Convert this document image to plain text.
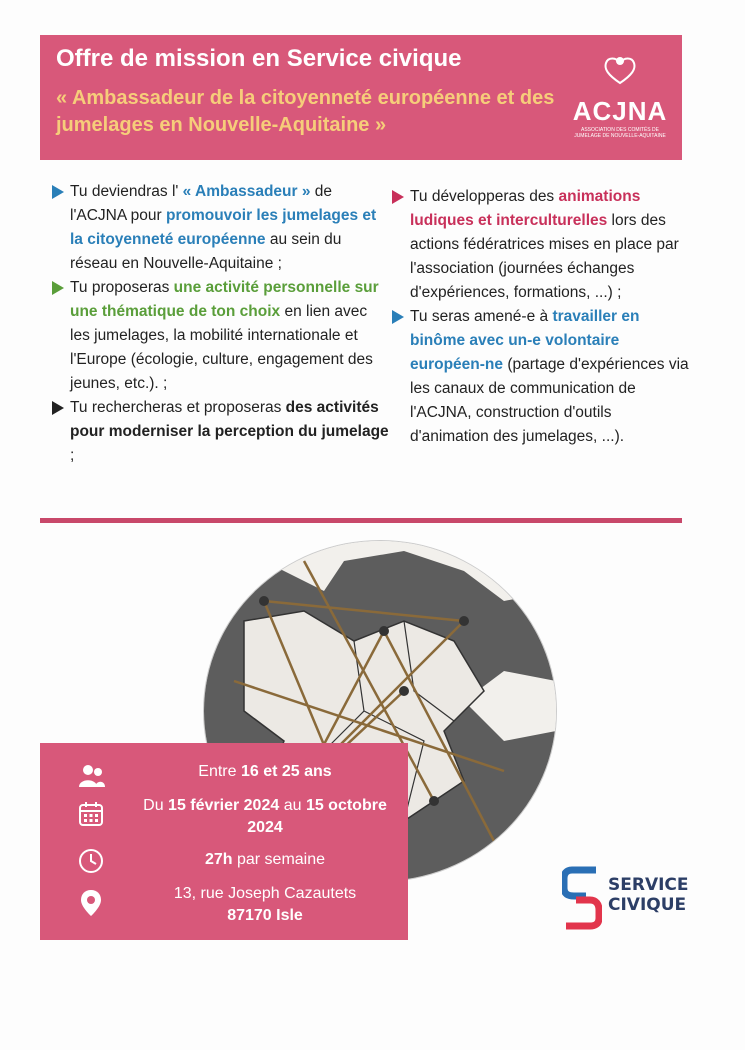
Offre de mission en Service civique
« Ambassadeur de la citoyenneté européenne et des jumelages en Nouvelle-Aquitaine »	ACJNA
ASSOCIATION DES COMITÉS DE JUMELAGE DE NOUVELLE-AQUITAINE
Tu deviendras l' « Ambassadeur » de l'ACJNA pour promouvoir les jumelages et la citoyenneté européenne au sein du réseau en Nouvelle-Aquitaine ;
Tu proposeras une activité personnelle sur une thématique de ton choix en lien avec les jumelages, la mobilité internationale et l'Europe (écologie, culture, engagement des jeunes, etc.). ;
Tu rechercheras et proposeras des activités pour moderniser la perception du jumelage ;
Tu développeras des animations ludiques et interculturelles lors des actions fédératrices mises en place par l'association (journées échanges d'expériences, formations, ...) ;
Tu seras amené-e à travailler en binôme avec un-e volontaire européen-ne (partage d'expériences via les canaux de communication de l'ACJNA, construction d'outils d'animation des jumelages, ...).
Entre 16 et 25 ans
Du 15 février 2024 au 15 octobre 2024
27h par semaine
13, rue Joseph Cazautets
87170 Isle
SERVICE
CIVIQUE
